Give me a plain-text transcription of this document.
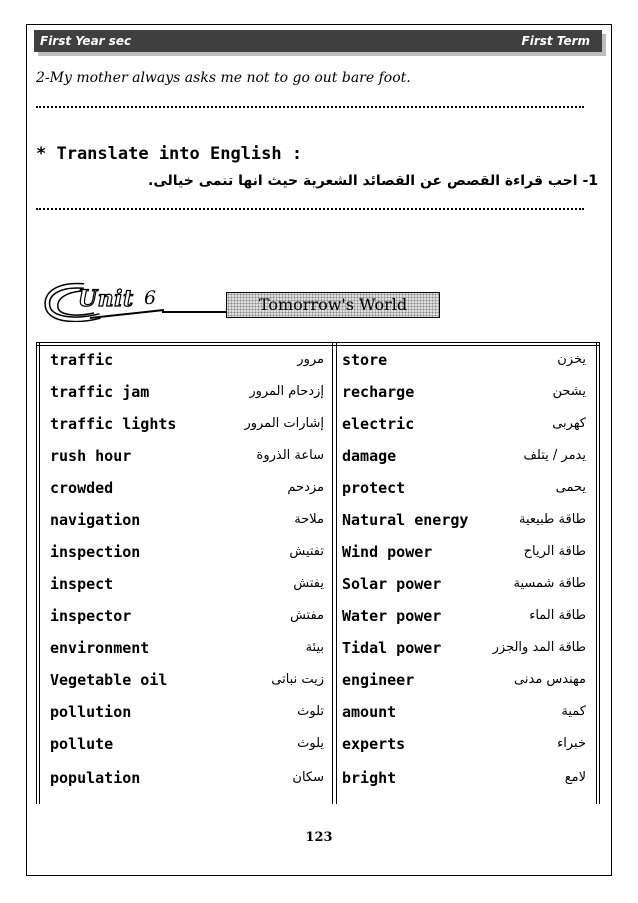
First Year sec	First Term
2-My mother always asks me not to go out bare foot.
* Translate into English :
1- احب قراءة القصص عن القصائد الشعرية حيث انها تنمى خيالى.
Unit 6	Tomorrow's World
traffic	مرور store	يخزن
traffic jam	إزدحام المرور recharge	يشحن
traffic lights	إشارات المرور electric	كهربى
rush hour	ساعة الذروة damage	يدمر / يتلف
crowded	مزدحم protect	يحمى
navigation	ملاحة Natural energy	طاقة طبيعية
inspection	تفتيش Wind power	طاقة الرياح
inspect	يفتش Solar power	طاقة شمسية
inspector	مفتش Water power	طاقة الماء
environment	بيئة Tidal power	طاقة المد والجزر
Vegetable oil	زيت نباتى engineer	مهندس مدنى
pollution	تلوث amount	كمية
pollute	يلوث experts	خبراء
population	سكان bright	لامع
123
